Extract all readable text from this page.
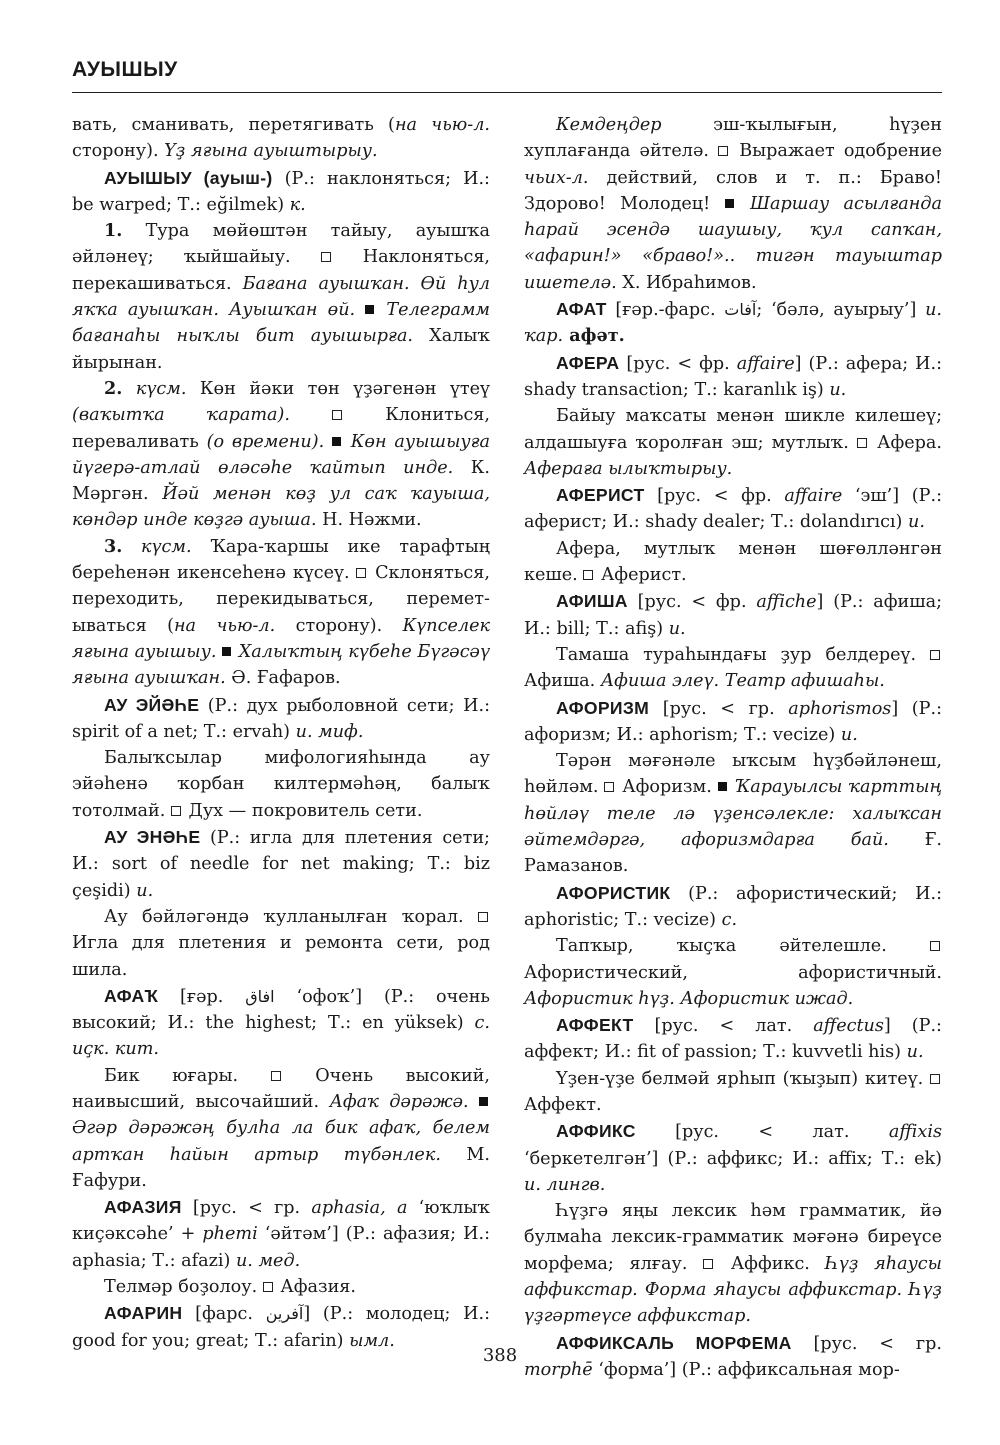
АУЫШЫУ

вать, сманивать, перетягивать (на чью-л. сторону). Үҙ яғына ауыштырыу.

АУЫШЫУ (ауыш-) (Р.: наклоняться; И.: be warped; Т.: eğilmek) к.

1. Тура мөйөштән тайыу, ауышҡа әйләнеү; ҡыйшайыу.  Наклоняться, перекашиваться. Бағана ауышҡан. Өй һул яҡҡа ауышҡан. Ауышҡан өй.  Телеграмм бағанаһы ныҡлы бит ауышырға. Халыҡ йырынан.

2. күсм. Көн йәки төн үҙәгенән үтеү (ваҡытҡа ҡарата).	Клониться, переваливать (о времени).  Көн ауышыуға йүгерә-атлай өләсәһе ҡайтып инде. К. Мәргән. Йәй менән көҙ ул саҡ ҡауыша, көндәр инде көҙгә ауыша. Н. Нәжми.

3. күсм. Ҡара-ҡаршы ике тарафтың береһенән икенсеһенә күсеү.  Склоняться, переходить, перекидываться, переметываться (на чью-л. сторону). Күпселек яғына ауышыу.  Халыҡтың күбеһе Бүгәсәү яғына ауышҡан. Ә. Ғафаров.

АУ ЭЙӘҺЕ (Р.: дух рыболовной сети; И.: spirit of a net; Т.: ervah) и. миф.

Балыҡсылар мифологияһында ау эйәһенә ҡорбан килтермәһәң, балыҡ тотолмай.  Дух — покровитель сети.

АУ ЭНӘҺЕ (Р.: игла для плетения сети; И.: sort of needle for net making; Т.: biz çeşidi) и.

Ау бәйләгәндә ҡулланылған ҡорал.  Игла для плетения и ремонта сети, род шила.

АФАҠ [ғәр. افاق ‘офоҡ’] (Р.: очень высокий; И.: the highest; Т.: en yüksek) с. иҫк. кит.

Бик юғары.  Очень высокий, наивысший, высочайший. Афаҡ дәрәжә.  Әгәр дәрәжәң булһа ла бик афаҡ, белем артҡан һайын артыр түбәнлек. М. Ғафури.

АФАЗИЯ [рус. < гр. aphasia, a ‘юҡлыҡ киҫәксәһе’ + pheті ‘әйтәм’] (Р.: афазия; И.: aphasia; Т.: afazi) и. мед.

Телмәр боҙолоу.  Афазия.

АФАРИН [фарс. آفرين] (Р.: молодец; И.: good for you; great; Т.: afarin) ымл.

Кемдеңдер эш-ҡылығын, һүҙен хуплағанда әйтелә.  Выражает одобрение чьих-л. действий, слов и т. п.: Браво! Здорово! Молодец!  Шаршау асылғанда һарай эсендә шаушыу, ҡул сапҡан, «афарин!» «браво!».. тигән тауыштар ишетелә. Х. Ибраһимов.

АФАТ [ғәр.-фарс. آفات; ‘бәлә, ауырыу’] и. ҡар. афәт.

АФЕРА [рус. < фр. affaire] (Р.: афера; И.: shady transaction; Т.: karanlık iş) и.

Байыу маҡсаты менән шикле килешеү; алдашыуға ҡоролған эш; мутлыҡ.  Афера. Афераға ылыҡтырыу.

АФЕРИСТ [рус. < фр. affaire ‘эш’] (Р.: аферист; И.: shady dealer; Т.: dolandırıcı) и.

Афера, мутлыҡ менән шөғөлләнгән кеше.  Аферист.

АФИША [рус. < фр. affiche] (Р.: афиша; И.: bill; Т.: afiş) и.

Тамаша тураһындағы ҙур белдереү.  Афиша. Афиша элеү. Театр афишаһы.

АФОРИЗМ [рус. < гр. aphorismos] (Р.: афоризм; И.: aphorism; Т.: vecize) и.

Тәрән мәғәнәле ыҡсым һүҙбәйләнеш, һөйләм.  Афоризм.  Ҡарауылсы ҡарттың һөйләү теле лә үҙенсәлекле: халыҡсан әйтемдәргә, афоризмдарға бай. Ғ. Рамазанов.

АФОРИСТИК (Р.: афористический; И.: aphoristic; Т.: vecize) с.

Тапҡыр, ҡыҫҡа әйтелешле.  Афористический, афористичный. Афористик һүҙ. Афористик ижад.

АФФЕКТ [рус. < лат. affectus] (Р.: аффект; И.: fit of passion; Т.: kuvvetli his) и.

Үҙен-үҙе белмәй ярһып (ҡыҙып) китеү.  Аффект.

АФФИКС [рус. < лат. affixis ‘беркетелгән’] (Р.: аффикс; И.: affix; Т.: ek) и. лингв.

Һүҙгә яңы лексик һәм грамматик, йә булмаһа лексик-грамматик мәғәнә биреүсе морфема; ялғау.  Аффикс. Һүҙ яһаусы аффикстар. Форма яһаусы аффикстар. Һүҙ үҙгәртеүсе аффикстар.

АФФИКСАЛЬ МОРФЕМА [рус. < гр. morphē ‘форма’] (Р.: аффиксальная мор-

388
